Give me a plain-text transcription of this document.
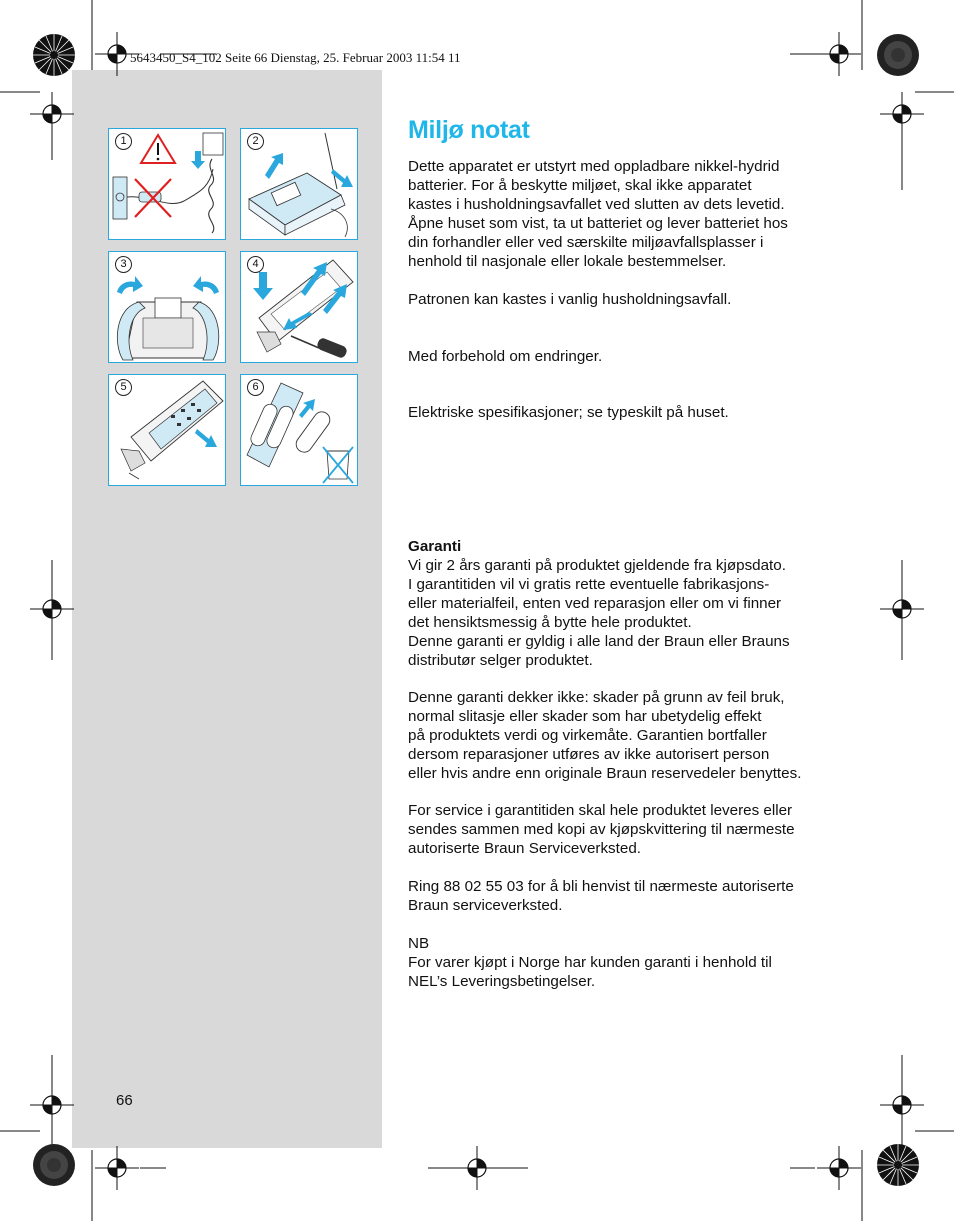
5643450_S4_102 Seite 66 Dienstag, 25. Februar 2003 11:54 11
1	2
3	4
5	6
Miljø notat
Dette apparatet er utstyrt med oppladbare nikkel-hydrid
batterier. For å beskytte miljøet, skal ikke apparatet
kastes i husholdningsavfallet ved slutten av dets levetid.
Åpne huset som vist, ta ut batteriet og lever batteriet hos
din forhandler eller ved særskilte miljøavfallsplasser i
henhold til nasjonale eller lokale bestemmelser.
Patronen kan kastes i vanlig husholdningsavfall.
Med forbehold om endringer.
Elektriske spesifikasjoner; se typeskilt på huset.
Garanti
Vi gir 2 års garanti på produktet gjeldende fra kjøpsdato.
I garantitiden vil vi gratis rette eventuelle fabrikasjons-
eller materialfeil, enten ved reparasjon eller om vi finner
det hensiktsmessig å bytte hele produktet.
Denne garanti er gyldig i alle land der Braun eller Brauns
distributør selger produktet.
Denne garanti dekker ikke: skader på grunn av feil bruk,
normal slitasje eller skader som har ubetydelig effekt
på produktets verdi og virkemåte. Garantien bortfaller
dersom reparasjoner utføres av ikke autorisert person
eller hvis andre enn originale Braun reservedeler benyttes.
For service i garantitiden skal hele produktet leveres eller
sendes sammen med kopi av kjøpskvittering til nærmeste
autoriserte Braun Serviceverksted.
Ring 88 02 55 03 for å bli henvist til nærmeste autoriserte
Braun serviceverksted.
NB
For varer kjøpt i Norge har kunden garanti i henhold til
NEL’s Leveringsbetingelser.
66
